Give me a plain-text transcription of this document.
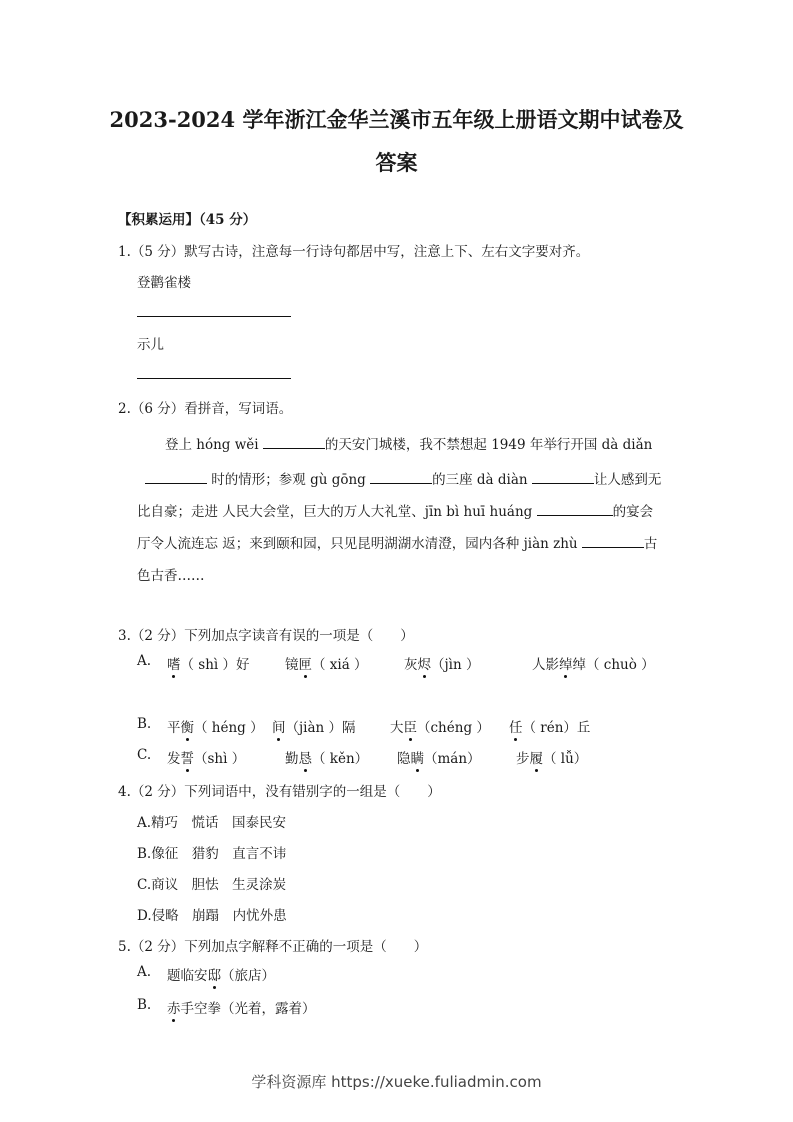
2023-2024 学年浙江金华兰溪市五年级上册语文期中试卷及
答案
【积累运用】（45 分）
1.（5 分）默写古诗，注意每一行诗句都居中写，注意上下、左右文字要对齐。
登鹳雀楼
示儿
2.（6 分）看拼音，写词语。
登上 hóng wěi	的天安门城楼，我不禁想起 1949 年举行开国 dà diǎn
时的情形；参观 gù gōng	的三座 dà diàn	让人感到无
比自豪；走进 人民大会堂，巨大的万人大礼堂、jīn bì huī huáng	的宴会
厅令人流连忘 返；来到颐和园，只见昆明湖湖水清澄，园内各种 jiàn zhù	古
色古香……
3.（2 分）下列加点字读音有误的一项是（　　）
A. 嗜（ shì ）好	镜匣（ xiá ）	灰烬（jìn ）	人影绰绰（ chuò ）
B. 平衡（ héng ） 间（jiàn ）隔	大臣（chéng ） 任（ rén）丘
C. 发誓（shì ）	勤恳（ kěn） 隐瞒（mán）	步履（ lǚ）
4.（2 分）下列词语中，没有错别字的一组是（　　）
A.精巧　慌话　国泰民安
B.像征　猎豹　直言不讳
C.商议　胆怯　生灵涂炭
D.侵略　崩蹋　内忧外患
5.（2 分）下列加点字解释不正确的一项是（　　）
A. 题临安邸（旅店）
B. 赤手空拳（光着，露着）
学科资源库 https://xueke.fuliadmin.com
